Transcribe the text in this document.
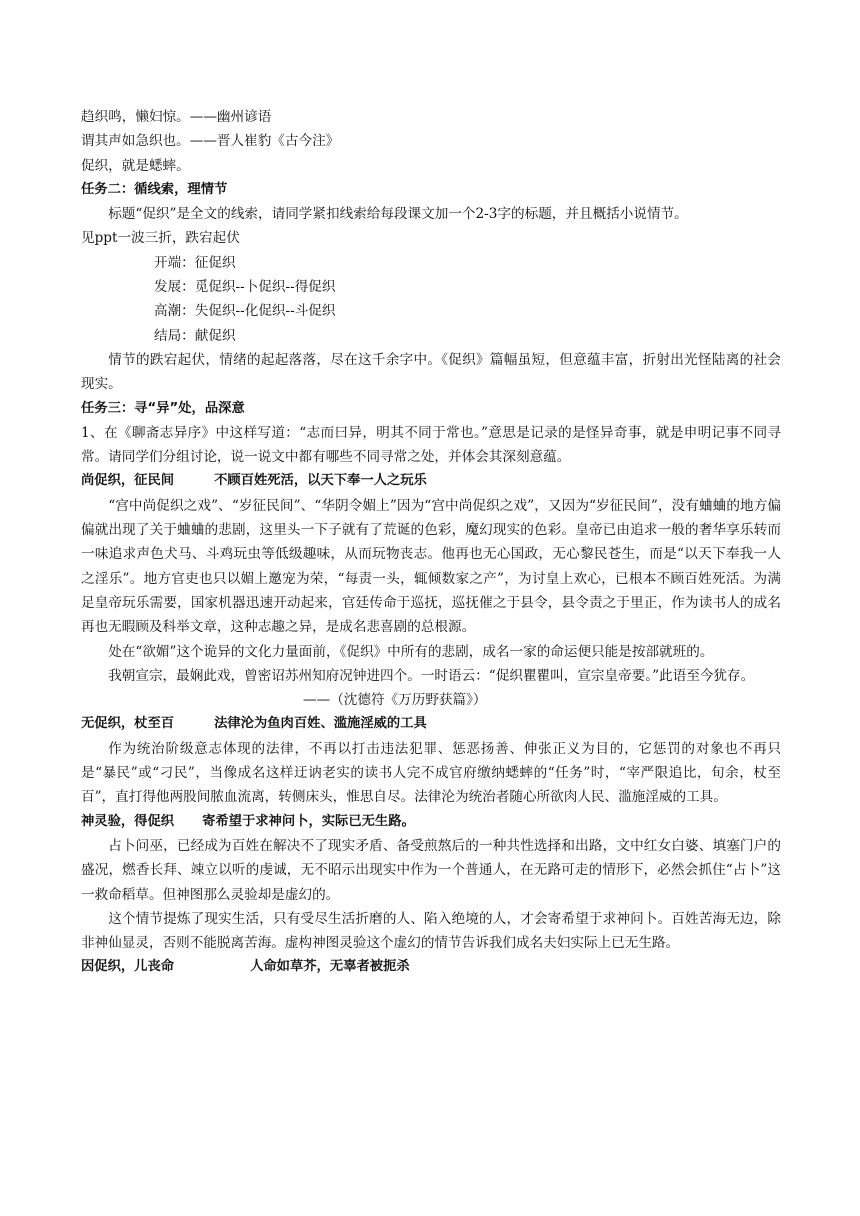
趋织鸣，懒妇惊。——幽州谚语

谓其声如急织也。——晋人崔豹《古今注》

促织，就是蟋蟀。

任务二：循线索，理情节

标题“促织”是全文的线索，请同学紧扣线索给每段课文加一个2-3字的标题，并且概括小说情节。

见ppt一波三折，跌宕起伏

开端：征促织

发展：觅促织--卜促织--得促织

高潮：失促织--化促织--斗促织

结局：献促织

情节的跌宕起伏，情绪的起起落落，尽在这千余字中。《促织》篇幅虽短，但意蕴丰富，折射出光怪陆离的社会现实。

任务三：寻“异”处，品深意

1、在《聊斋志异序》中这样写道：“志而曰异，明其不同于常也。”意思是记录的是怪异奇事，就是申明记事不同寻常。请同学们分组讨论，说一说文中都有哪些不同寻常之处，并体会其深刻意蕴。

尚促织，征民间	不顾百姓死活，以天下奉一人之玩乐

“宫中尚促织之戏”、“岁征民间”、“华阴令媚上”因为“宫中尚促织之戏”，又因为“岁征民间”，没有蛐蛐的地方偏偏就出现了关于蛐蛐的悲剧，这里头一下子就有了荒诞的色彩，魔幻现实的色彩。皇帝已由追求一般的奢华享乐转而一味追求声色犬马、斗鸡玩虫等低级趣味，从而玩物丧志。他再也无心国政，无心黎民苍生，而是“以天下奉我一人之淫乐”。地方官吏也只以媚上邀宠为荣，“每责一头，辄倾数家之产”，为讨皇上欢心，已根本不顾百姓死活。为满足皇帝玩乐需要，国家机器迅速开动起来，官廷传命于巡抚，巡抚催之于县令，县令责之于里正，作为读书人的成名再也无暇顾及科举文章，这种志趣之异，是成名悲喜剧的总根源。

处在“欲媚”这个诡异的文化力量面前，《促织》中所有的悲剧，成名一家的命运便只能是按部就班的。

我朝宣宗，最娴此戏，曾密诏苏州知府况钟进四个。一时语云：“促织瞿瞿叫，宣宗皇帝要。”此语至今犹存。

——（沈德符《万历野获篇》）

无促织，杖至百	法律沦为鱼肉百姓、滥施淫威的工具

作为统治阶级意志体现的法律，不再以打击违法犯罪、惩恶扬善、伸张正义为目的，它惩罚的对象也不再只是“暴民”或“刁民”，当像成名这样迂讷老实的读书人完不成官府缴纳蟋蟀的“任务”时，“宰严限追比，旬余，杖至百”，直打得他两股间脓血流离，转侧床头，惟思自尽。法律沦为统治者随心所欲肉人民、滥施淫威的工具。

神灵验，得促织 寄希望于求神问卜，实际已无生路。

占卜问巫，已经成为百姓在解决不了现实矛盾、备受煎熬后的一种共性选择和出路，文中红女白婆、填塞门户的盛况，燃香长拜、竦立以听的虔诚，无不昭示出现实中作为一个普通人，在无路可走的情形下，必然会抓住“占卜”这一救命稻草。但神图那么灵验却是虚幻的。

这个情节提炼了现实生活，只有受尽生活折磨的人、陷入绝境的人，才会寄希望于求神问卜。百姓苦海无边，除非神仙显灵，否则不能脱离苦海。虚构神图灵验这个虚幻的情节告诉我们成名夫妇实际上已无生路。

因促织，儿丧命	人命如草芥，无辜者被扼杀
